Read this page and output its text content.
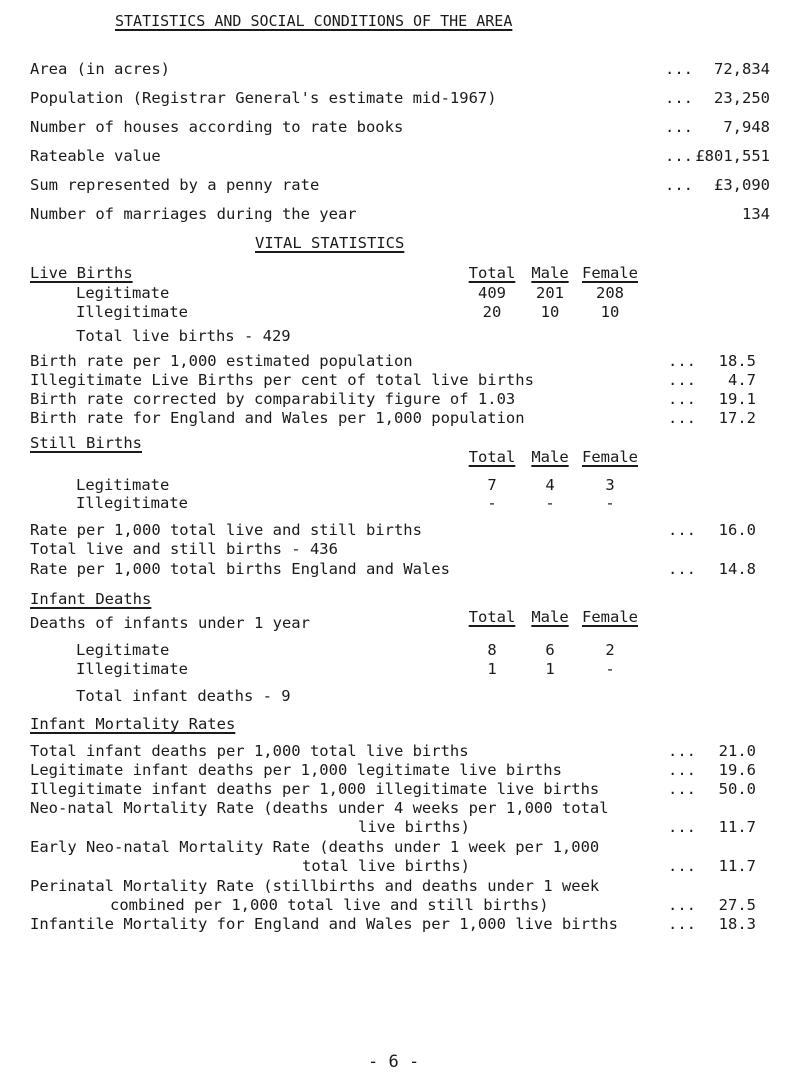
STATISTICS AND SOCIAL CONDITIONS OF THE AREA
Area (in acres)	... 72,834
Population (Registrar General's estimate mid-1967)	... 23,250
Number of houses according to rate books	... 7,948
Rateable value	... £801,551
Sum represented by a penny rate	... £3,090
Number of marriages during the year	134
VITAL STATISTICS
Live Births	Total	Male Female
Legitimate	409	201	208
Illegitimate	20	10	10
Total live births - 429
Birth rate per 1,000 estimated population	... 18.5
Illegitimate Live Births per cent of total live births	... 4.7
Birth rate corrected by comparability figure of 1.03	... 19.1
Birth rate for England and Wales per 1,000 population	... 17.2
Still Births
Total	Male Female
Legitimate	7	4	3
Illegitimate	-	-	-
Rate per 1,000 total live and still births	... 16.0
Total live and still births - 436
Rate per 1,000 total births England and Wales	... 14.8
Infant Deaths
Deaths of infants under 1 year	Total	Male Female
Legitimate	8	6	2
Illegitimate	1	1	-
Total infant deaths - 9
Infant Mortality Rates
Total infant deaths per 1,000 total live births	... 21.0
Legitimate infant deaths per 1,000 legitimate live births	... 19.6
Illegitimate infant deaths per 1,000 illegitimate live births	... 50.0
Neo-natal Mortality Rate (deaths under 4 weeks per 1,000 total
live births)	... 11.7
Early Neo-natal Mortality Rate (deaths under 1 week per 1,000
total live births)	... 11.7
Perinatal Mortality Rate (stillbirths and deaths under 1 week
combined per 1,000 total live and still births)	... 27.5
Infantile Mortality for England and Wales per 1,000 live births	... 18.3
- 6 -
